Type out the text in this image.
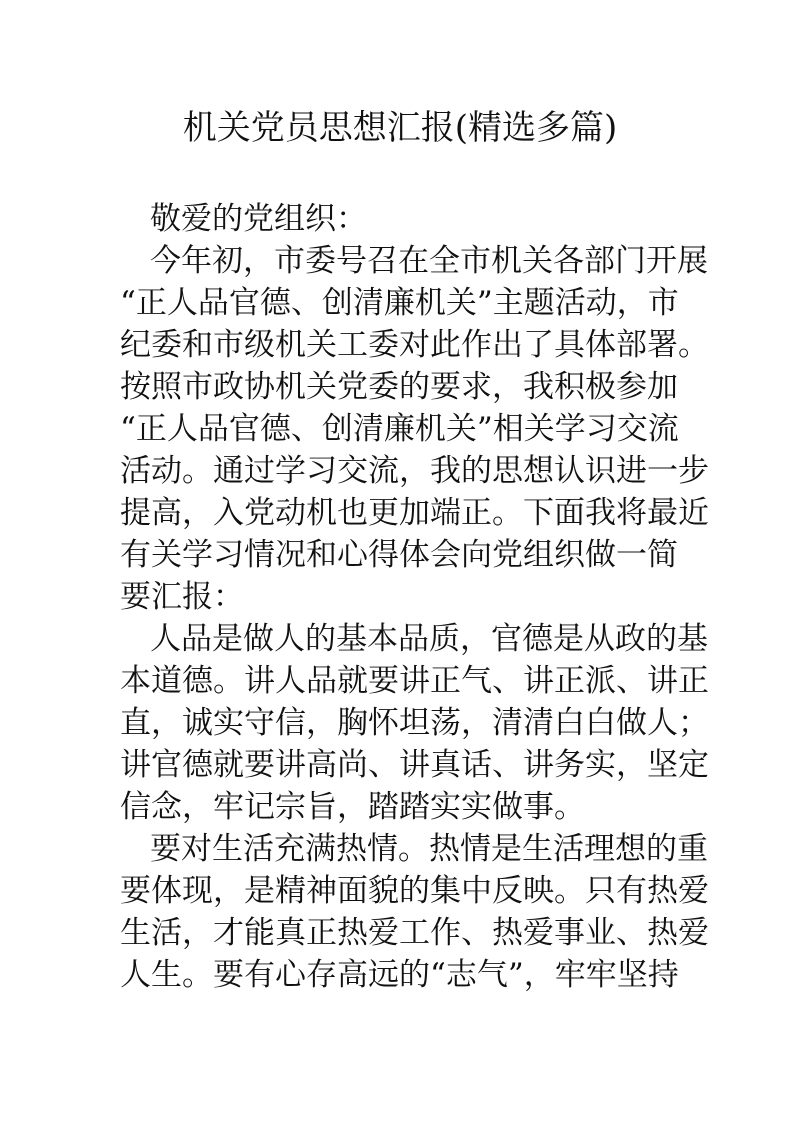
机关党员思想汇报(精选多篇)

敬爱的党组织：

今年初，市委号召在全市机关各部门开展

“正人品官德、创清廉机关”主题活动，市

纪委和市级机关工委对此作出了具体部署。

按照市政协机关党委的要求，我积极参加

“正人品官德、创清廉机关”相关学习交流

活动。通过学习交流，我的思想认识进一步

提高，入党动机也更加端正。下面我将最近

有关学习情况和心得体会向党组织做一简

要汇报：

人品是做人的基本品质，官德是从政的基

本道德。讲人品就要讲正气、讲正派、讲正

直，诚实守信，胸怀坦荡，清清白白做人；

讲官德就要讲高尚、讲真话、讲务实，坚定

信念，牢记宗旨，踏踏实实做事。

要对生活充满热情。热情是生活理想的重

要体现，是精神面貌的集中反映。只有热爱

生活，才能真正热爱工作、热爱事业、热爱

人生。要有心存高远的“志气”，牢牢坚持
